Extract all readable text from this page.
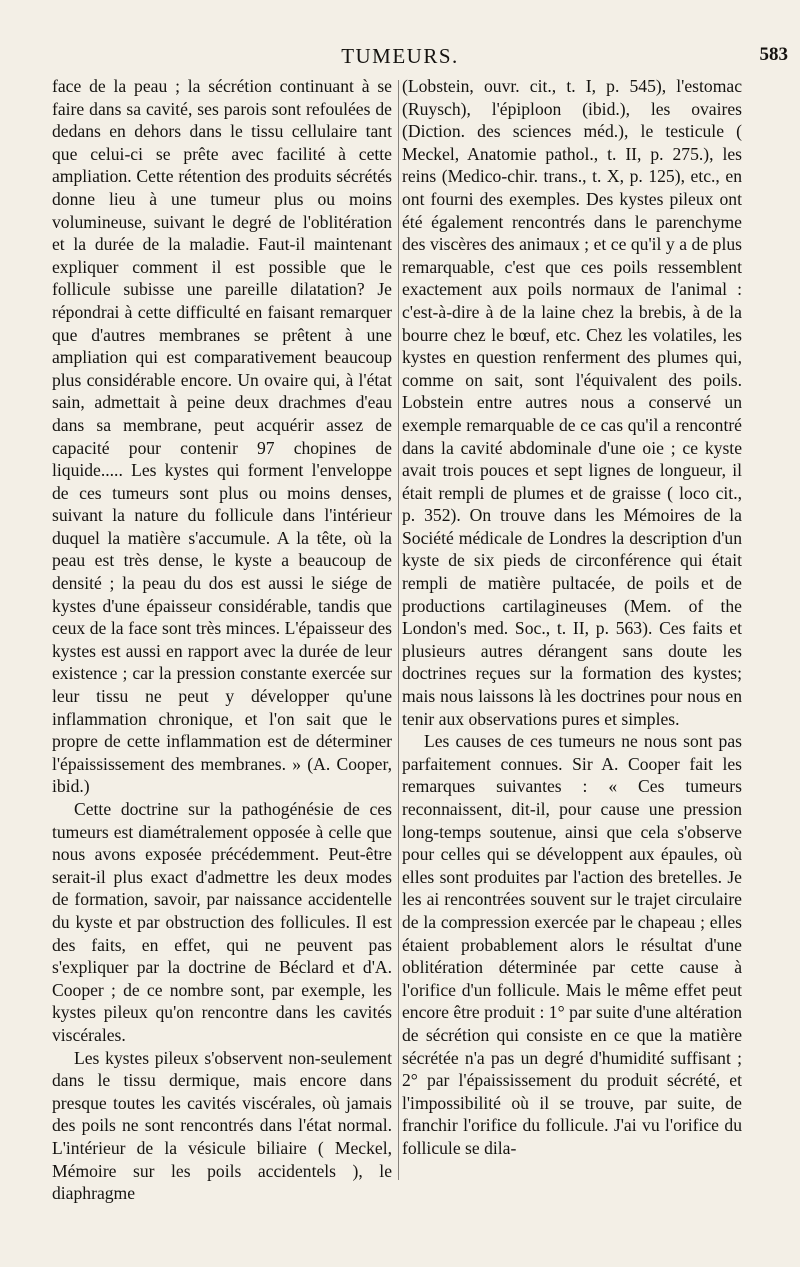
TUMEURS.	583

face de la peau ; la sécrétion continuant à se faire dans sa cavité, ses parois sont refoulées de dedans en dehors dans le tissu cellulaire tant que celui-ci se prête avec facilité à cette ampliation. Cette rétention des produits sécrétés donne lieu à une tumeur plus ou moins volumineuse, suivant le degré de l'oblitération et la durée de la maladie. Faut-il maintenant expliquer comment il est possible que le follicule subisse une pareille dilatation? Je répondrai à cette difficulté en faisant remarquer que d'autres membranes se prêtent à une ampliation qui est comparativement beaucoup plus considérable encore. Un ovaire qui, à l'état sain, admettait à peine deux drachmes d'eau dans sa membrane, peut acquérir assez de capacité pour contenir 97 chopines de liquide..... Les kystes qui forment l'enveloppe de ces tumeurs sont plus ou moins denses, suivant la nature du follicule dans l'intérieur duquel la matière s'accumule. A la tête, où la peau est très dense, le kyste a beaucoup de densité ; la peau du dos est aussi le siége de kystes d'une épaisseur considérable, tandis que ceux de la face sont très minces. L'épaisseur des kystes est aussi en rapport avec la durée de leur existence ; car la pression constante exercée sur leur tissu ne peut y développer qu'une inflammation chronique, et l'on sait que le propre de cette inflammation est de déterminer l'épaississement des membranes. » (A. Cooper, ibid.)

Cette doctrine sur la pathogénésie de ces tumeurs est diamétralement opposée à celle que nous avons exposée précédemment. Peut-être serait-il plus exact d'admettre les deux modes de formation, savoir, par naissance accidentelle du kyste et par obstruction des follicules. Il est des faits, en effet, qui ne peuvent pas s'expliquer par la doctrine de Béclard et d'A. Cooper ; de ce nombre sont, par exemple, les kystes pileux qu'on rencontre dans les cavités viscérales.

Les kystes pileux s'observent non-seulement dans le tissu dermique, mais encore dans presque toutes les cavités viscérales, où jamais des poils ne sont rencontrés dans l'état normal. L'intérieur de la vésicule biliaire ( Meckel, Mémoire sur les poils accidentels ), le diaphragme

(Lobstein, ouvr. cit., t. I, p. 545), l'estomac (Ruysch), l'épiploon (ibid.), les ovaires (Diction. des sciences méd.), le testicule ( Meckel, Anatomie pathol., t. II, p. 275.), les reins (Medico-chir. trans., t. X, p. 125), etc., en ont fourni des exemples. Des kystes pileux ont été également rencontrés dans le parenchyme des viscères des animaux ; et ce qu'il y a de plus remarquable, c'est que ces poils ressemblent exactement aux poils normaux de l'animal : c'est-à-dire à de la laine chez la brebis, à de la bourre chez le bœuf, etc. Chez les volatiles, les kystes en question renferment des plumes qui, comme on sait, sont l'équivalent des poils. Lobstein entre autres nous a conservé un exemple remarquable de ce cas qu'il a rencontré dans la cavité abdominale d'une oie ; ce kyste avait trois pouces et sept lignes de longueur, il était rempli de plumes et de graisse ( loco cit., p. 352). On trouve dans les Mémoires de la Société médicale de Londres la description d'un kyste de six pieds de circonférence qui était rempli de matière pultacée, de poils et de productions cartilagineuses (Mem. of the London's med. Soc., t. II, p. 563). Ces faits et plusieurs autres dérangent sans doute les doctrines reçues sur la formation des kystes; mais nous laissons là les doctrines pour nous en tenir aux observations pures et simples.

Les causes de ces tumeurs ne nous sont pas parfaitement connues. Sir A. Cooper fait les remarques suivantes : « Ces tumeurs reconnaissent, dit-il, pour cause une pression long-temps soutenue, ainsi que cela s'observe pour celles qui se développent aux épaules, où elles sont produites par l'action des bretelles. Je les ai rencontrées souvent sur le trajet circulaire de la compression exercée par le chapeau ; elles étaient probablement alors le résultat d'une oblitération déterminée par cette cause à l'orifice d'un follicule. Mais le même effet peut encore être produit : 1° par suite d'une altération de sécrétion qui consiste en ce que la matière sécrétée n'a pas un degré d'humidité suffisant ; 2° par l'épaississement du produit sécrété, et l'impossibilité où il se trouve, par suite, de franchir l'orifice du follicule. J'ai vu l'orifice du follicule se dila-
